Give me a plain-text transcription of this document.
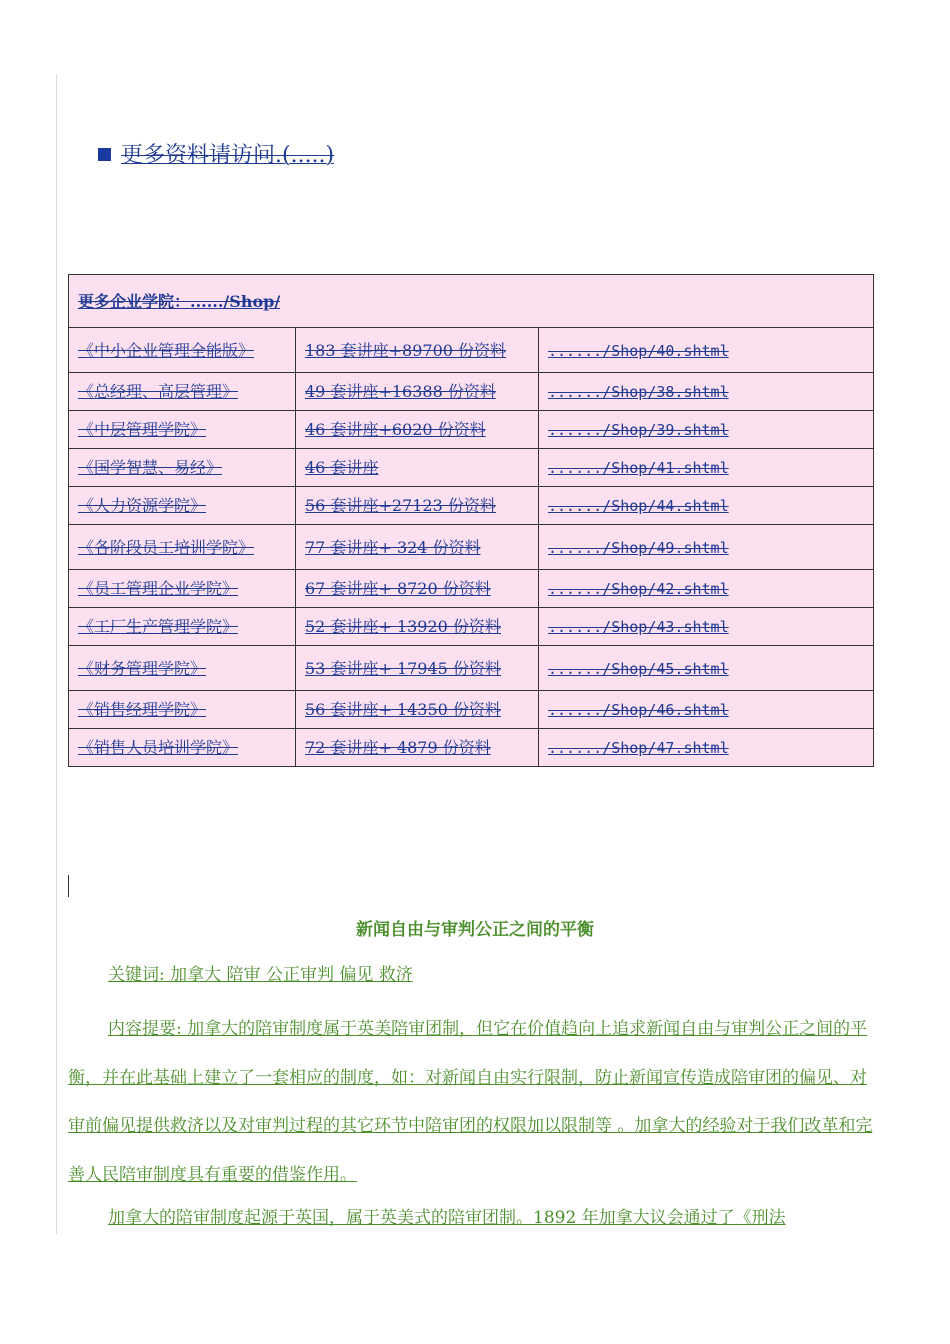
更多资料请访问.(.....)
更多企业学院：....../Shop/		
《中小企业管理全能版》	183 套讲座+89700 份资料	....../Shop/40.shtml
《总经理、高层管理》	49 套讲座+16388 份资料	....../Shop/38.shtml
《中层管理学院》	46 套讲座+6020 份资料	....../Shop/39.shtml
《国学智慧、易经》	46 套讲座	....../Shop/41.shtml
《人力资源学院》	56 套讲座+27123 份资料	....../Shop/44.shtml
《各阶段员工培训学院》	77 套讲座+ 324 份资料	....../Shop/49.shtml
《员工管理企业学院》	67 套讲座+ 8720 份资料	....../Shop/42.shtml
《工厂生产管理学院》	52 套讲座+ 13920 份资料	....../Shop/43.shtml
《财务管理学院》	53 套讲座+ 17945 份资料	....../Shop/45.shtml
《销售经理学院》	56 套讲座+ 14350 份资料	....../Shop/46.shtml
《销售人员培训学院》	72 套讲座+ 4879 份资料	....../Shop/47.shtml
新闻自由与审判公正之间的平衡
关键词: 加拿大 陪审 公正审判 偏见 救济
内容提要: 加拿大的陪审制度属于英美陪审团制，但它在价值趋向上追求新闻自由与审判公正之间的平衡，并在此基础上建立了一套相应的制度，如：对新闻自由实行限制，防止新闻宣传造成陪审团的偏见、对审前偏见提供救济以及对审判过程的其它环节中陪审团的权限加以限制等 。加拿大的经验对于我们改革和完善人民陪审制度具有重要的借鉴作用。
加拿大的陪审制度起源于英国，属于英美式的陪审团制。1892 年加拿大议会通过了《刑法
